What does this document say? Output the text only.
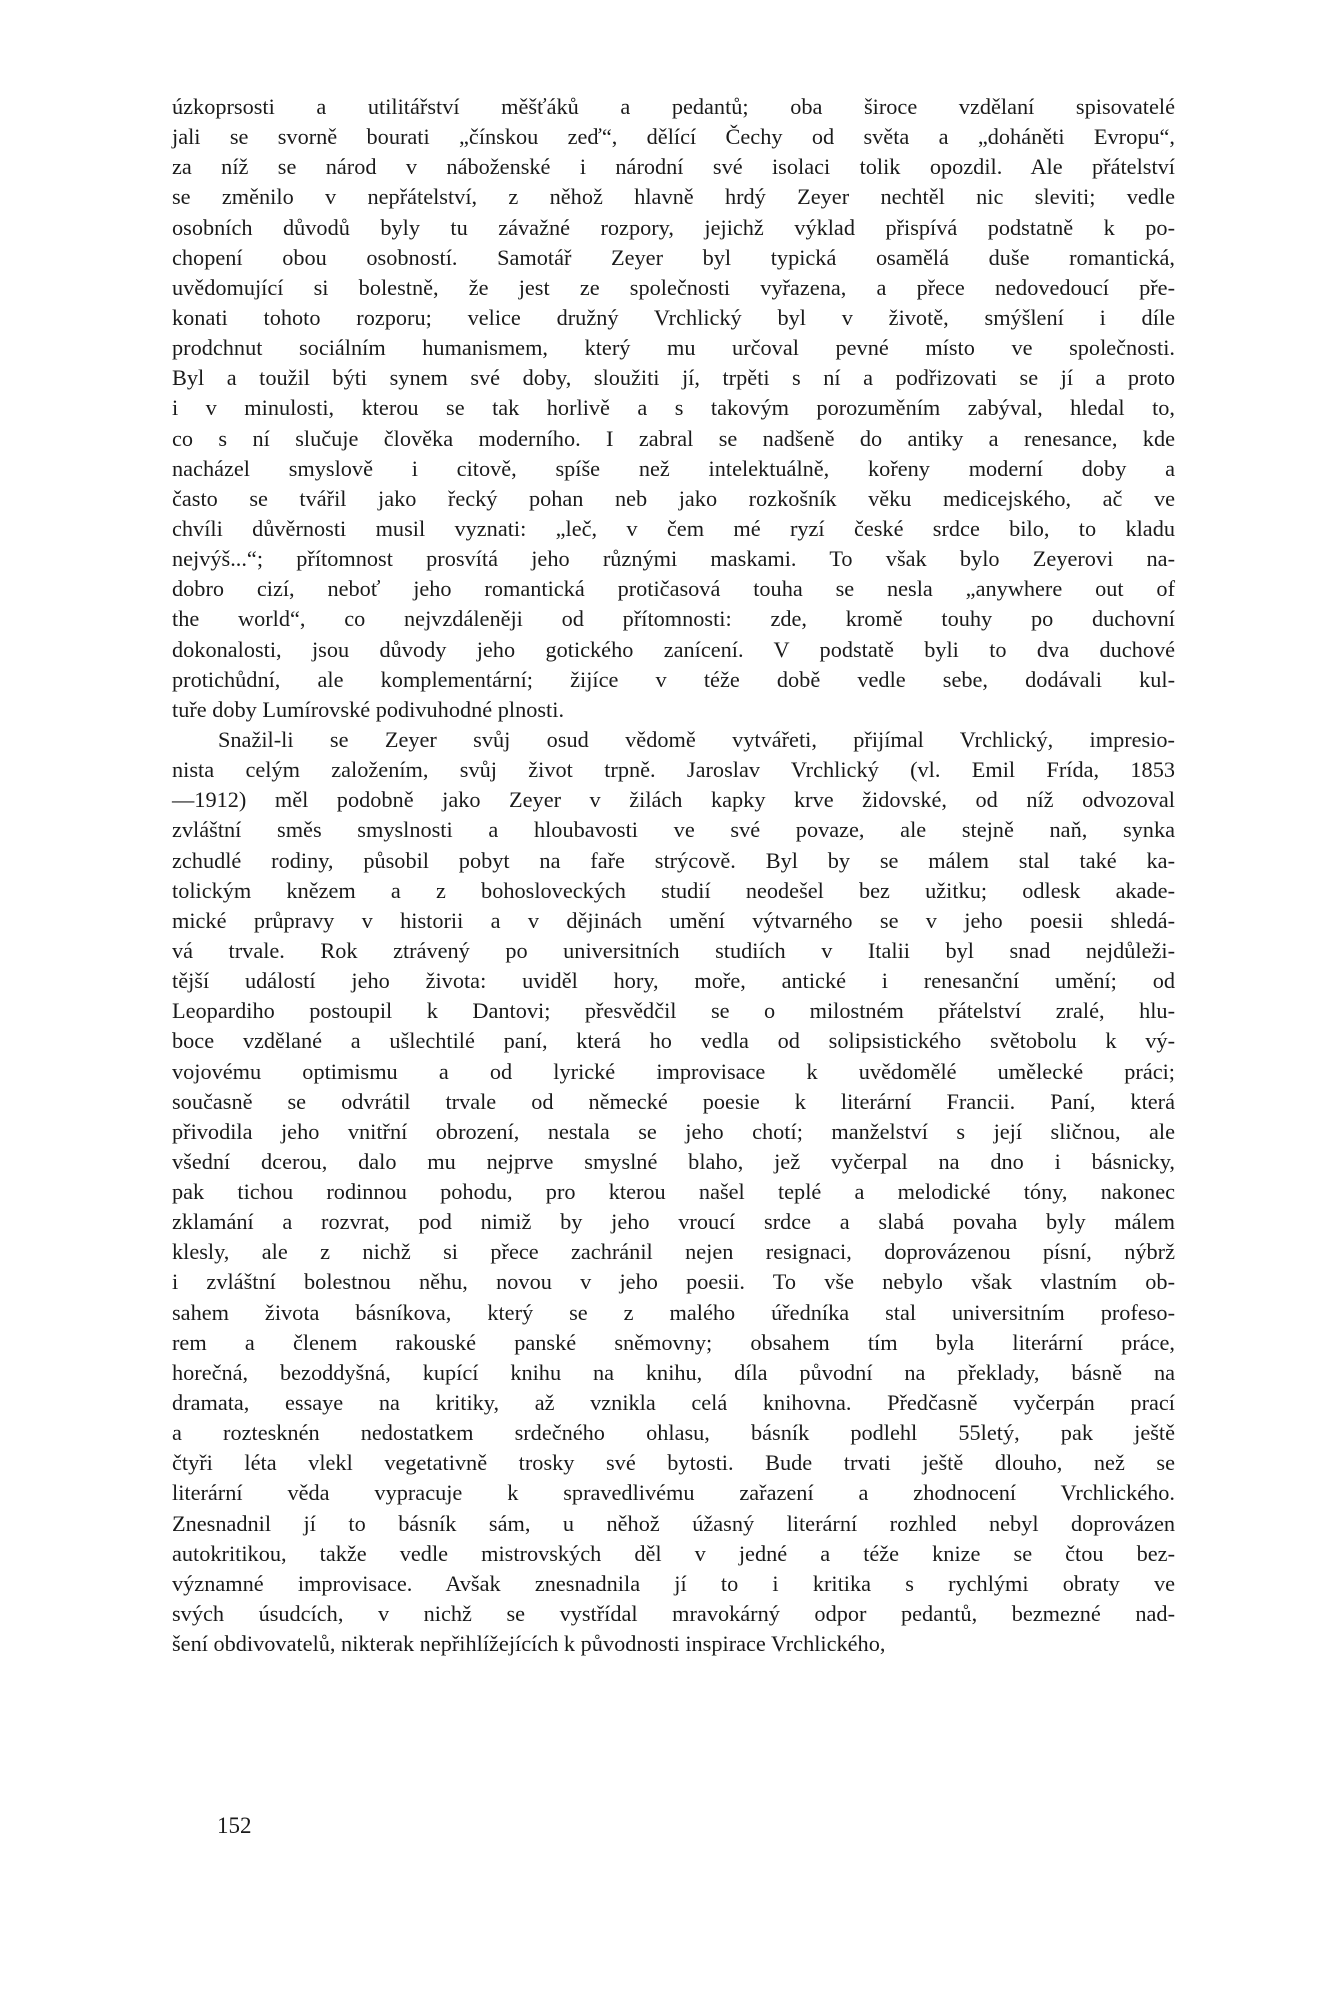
úzkoprsosti a utilitářství měšťáků a pedantů; oba široce vzdělaní spisovatelé
jali se svorně bourati „čínskou zeď“, dělící Čechy od světa a „doháněti Evropu“,
za níž se národ v náboženské i národní své isolaci tolik opozdil. Ale přátelství
se změnilo v nepřátelství, z něhož hlavně hrdý Zeyer nechtěl nic sleviti; vedle
osobních důvodů byly tu závažné rozpory, jejichž výklad přispívá podstatně k po-
chopení obou osobností. Samotář Zeyer byl typická osamělá duše romantická,
uvědomující si bolestně, že jest ze společnosti vyřazena, a přece nedovedoucí pře-
konati tohoto rozporu; velice družný Vrchlický byl v životě, smýšlení i díle
prodchnut sociálním humanismem, který mu určoval pevné místo ve společnosti.
Byl a toužil býti synem své doby, sloužiti jí, trpěti s ní a podřizovati se jí a proto
i v minulosti, kterou se tak horlivě a s takovým porozuměním zabýval, hledal to,
co s ní slučuje člověka moderního. I zabral se nadšeně do antiky a renesance, kde
nacházel smyslově i citově, spíše než intelektuálně, kořeny moderní doby a
často se tvářil jako řecký pohan neb jako rozkošník věku medicejského, ač ve
chvíli důvěrnosti musil vyznati: „leč, v čem mé ryzí české srdce bilo, to kladu
nejvýš...“; přítomnost prosvítá jeho různými maskami. To však bylo Zeyerovi na-
dobro cizí, neboť jeho romantická protičasová touha se nesla „anywhere out of
the world“, co nejvzdáleněji od přítomnosti: zde, kromě touhy po duchovní
dokonalosti, jsou důvody jeho gotického zanícení. V podstatě byli to dva duchové
protichůdní, ale komplementární; žijíce v téže době vedle sebe, dodávali kul-
tuře doby Lumírovské podivuhodné plnosti.
Snažil-li se Zeyer svůj osud vědomě vytvářeti, přijímal Vrchlický, impresio-
nista celým založením, svůj život trpně. Jaroslav Vrchlický (vl. Emil Frída, 1853
—1912) měl podobně jako Zeyer v žilách kapky krve židovské, od níž odvozoval
zvláštní směs smyslnosti a hloubavosti ve své povaze, ale stejně naň, synka
zchudlé rodiny, působil pobyt na faře strýcově. Byl by se málem stal také ka-
tolickým knězem a z bohosloveckých studií neodešel bez užitku; odlesk akade-
mické průpravy v historii a v dějinách umění výtvarného se v jeho poesii shledá-
vá trvale. Rok ztrávený po universitních studiích v Italii byl snad nejdůleži-
tější událostí jeho života: uviděl hory, moře, antické i renesanční umění; od
Leopardiho postoupil k Dantovi; přesvědčil se o milostném přátelství zralé, hlu-
boce vzdělané a ušlechtilé paní, která ho vedla od solipsistického světobolu k vý-
vojovému optimismu a od lyrické improvisace k uvědomělé umělecké práci;
současně se odvrátil trvale od německé poesie k literární Francii. Paní, která
přivodila jeho vnitřní obrození, nestala se jeho chotí; manželství s její sličnou, ale
všední dcerou, dalo mu nejprve smyslné blaho, jež vyčerpal na dno i básnicky,
pak tichou rodinnou pohodu, pro kterou našel teplé a melodické tóny, nakonec
zklamání a rozvrat, pod nimiž by jeho vroucí srdce a slabá povaha byly málem
klesly, ale z nichž si přece zachránil nejen resignaci, doprovázenou písní, nýbrž
i zvláštní bolestnou něhu, novou v jeho poesii. To vše nebylo však vlastním ob-
sahem života básníkova, který se z malého úředníka stal universitním profeso-
rem a členem rakouské panské sněmovny; obsahem tím byla literární práce,
horečná, bezoddyšná, kupící knihu na knihu, díla původní na překlady, básně na
dramata, essaye na kritiky, až vznikla celá knihovna. Předčasně vyčerpán prací
a roztesknén nedostatkem srdečného ohlasu, básník podlehl 55letý, pak ještě
čtyři léta vlekl vegetativně trosky své bytosti. Bude trvati ještě dlouho, než se
literární věda vypracuje k spravedlivému zařazení a zhodnocení Vrchlického.
Znesnadnil jí to básník sám, u něhož úžasný literární rozhled nebyl doprovázen
autokritikou, takže vedle mistrovských děl v jedné a téže knize se čtou bez-
významné improvisace. Avšak znesnadnila jí to i kritika s rychlými obraty ve
svých úsudcích, v nichž se vystřídal mravokárný odpor pedantů, bezmezné nad-
šení obdivovatelů, nikterak nepřihlížejících k původnosti inspirace Vrchlického,
152
